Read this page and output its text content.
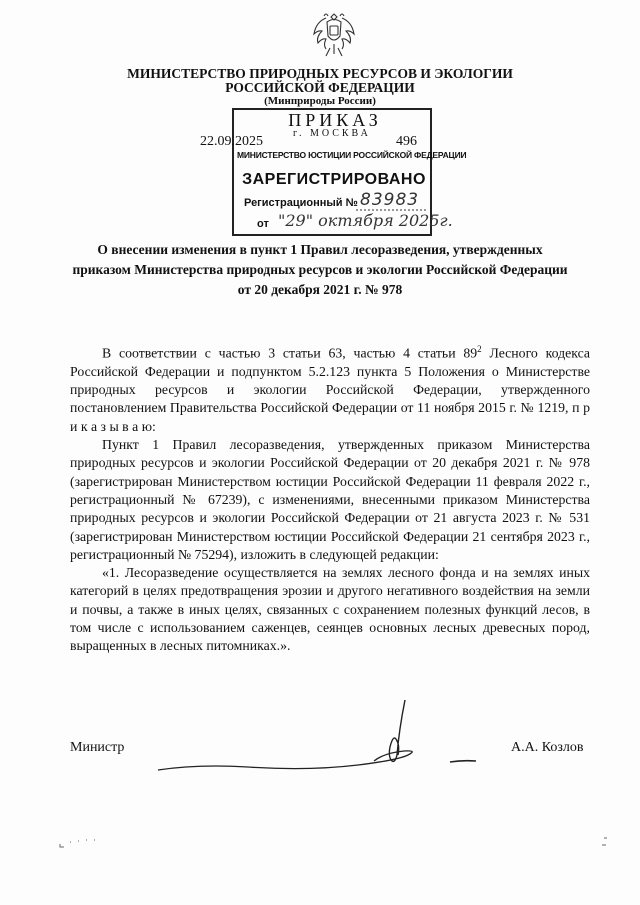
МИНИСТЕРСТВО ПРИРОДНЫХ РЕСУРСОВ И ЭКОЛОГИИ
РОССИЙСКОЙ ФЕДЕРАЦИИ
(Минприроды России)
ПРИКАЗ
22.09.2025
г. МОСКВА
496
МИНИСТЕРСТВО ЮСТИЦИИ РОССИЙСКОЙ ФЕДЕРАЦИИ
ЗАРЕГИСТРИРОВАНО
Регистрационный № 83983
от "29" октября 2025г.
О внесении изменения в пункт 1 Правил лесоразведения, утвержденных приказом Министерства природных ресурсов и экологии Российской Федерации от 20 декабря 2021 г. № 978

В соответствии с частью 3 статьи 63, частью 4 статьи $89^2$ Лесного кодекса Российской Федерации и подпунктом 5.2.123 пункта 5 Положения о Министерстве природных ресурсов и экологии Российской Федерации, утвержденного постановлением Правительства Российской Федерации от 11 ноября 2015 г. № 1219, п р и к а з ы в а ю:

Пункт 1 Правил лесоразведения, утвержденных приказом Министерства природных ресурсов и экологии Российской Федерации от 20 декабря 2021 г. № 978 (зарегистрирован Министерством юстиции Российской Федерации 11 февраля 2022 г., регистрационный № 67239), с изменениями, внесенными приказом Министерства природных ресурсов и экологии Российской Федерации от 21 августа 2023 г. № 531 (зарегистрирован Министерством юстиции Российской Федерации 21 сентября 2023 г., регистрационный № 75294), изложить в следующей редакции:

«1. Лесоразведение осуществляется на землях лесного фонда и на землях иных категорий в целях предотвращения эрозии и другого негативного воздействия на земли и почвы, а также в иных целях, связанных с сохранением полезных функций лесов, в том числе с использованием саженцев, сеянцев основных лесных древесных пород, выращенных в лесных питомниках.».

Министр	А.А. Козлов
